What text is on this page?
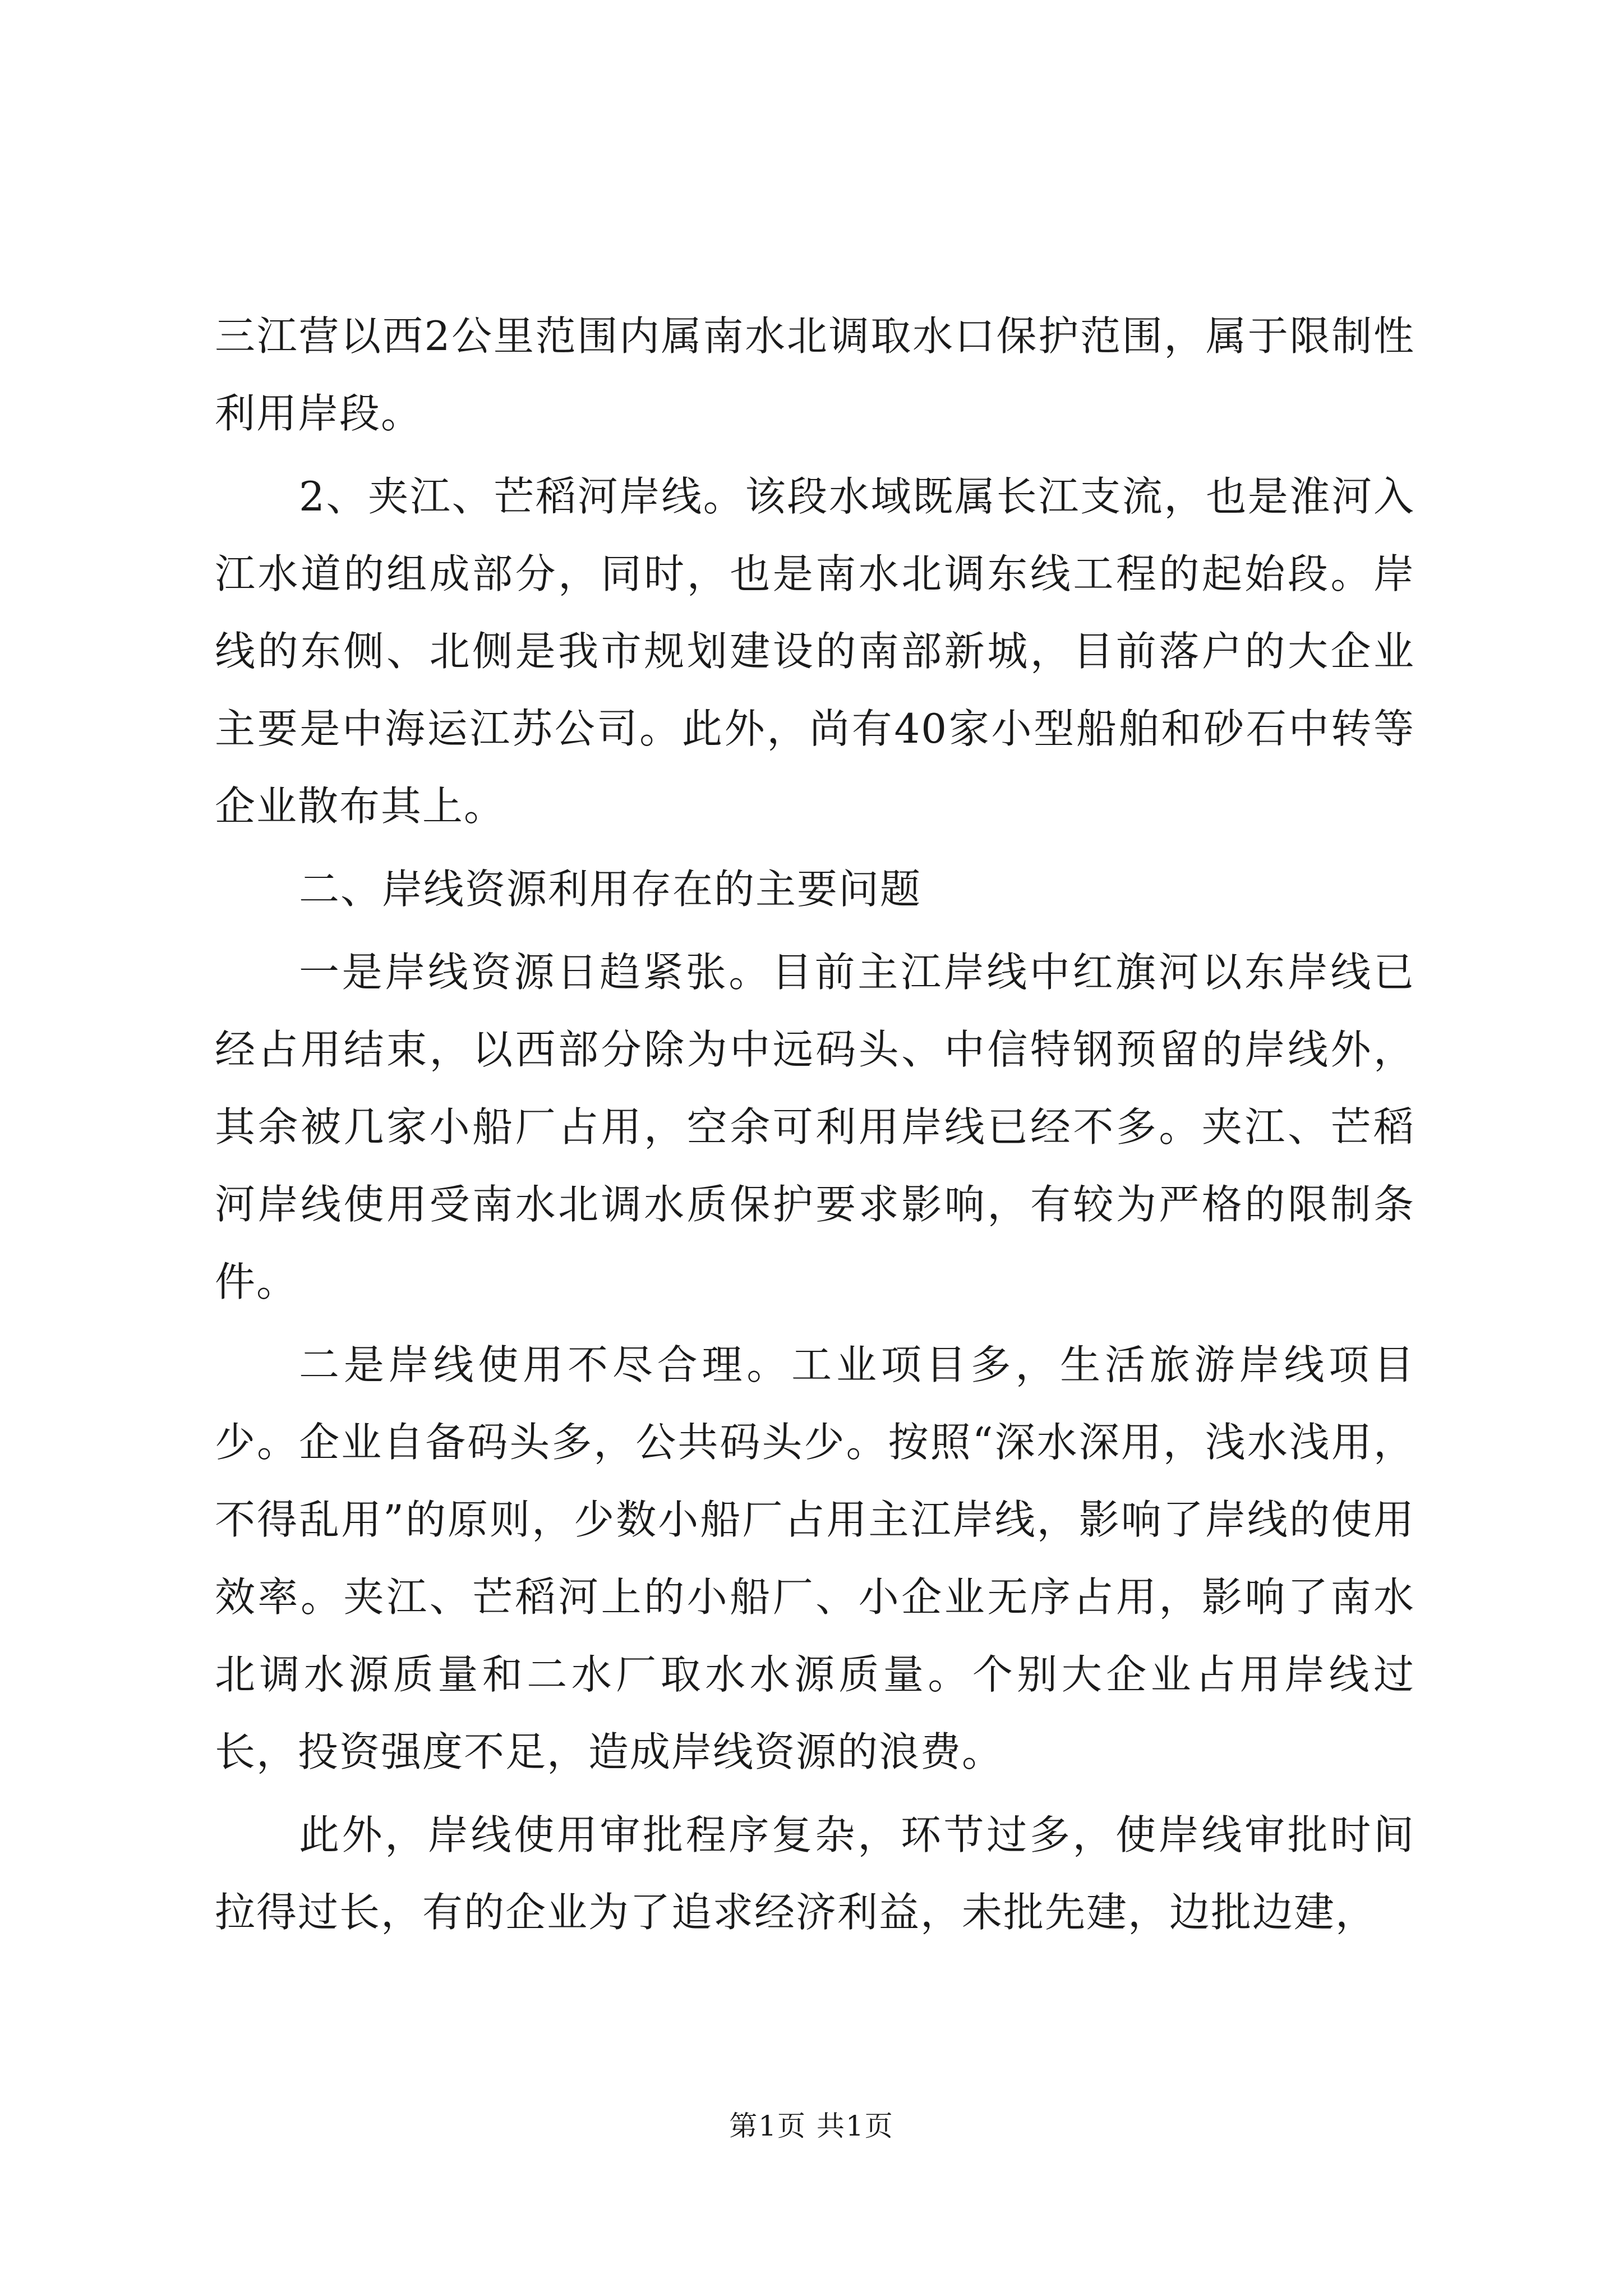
三江营以西2公里范围内属南水北调取水口保护范围，属于限制性利用岸段。

2、夹江、芒稻河岸线。该段水域既属长江支流，也是淮河入江水道的组成部分，同时，也是南水北调东线工程的起始段。岸线的东侧、北侧是我市规划建设的南部新城，目前落户的大企业主要是中海运江苏公司。此外，尚有40家小型船舶和砂石中转等企业散布其上。

二、岸线资源利用存在的主要问题

一是岸线资源日趋紧张。目前主江岸线中红旗河以东岸线已经占用结束，以西部分除为中远码头、中信特钢预留的岸线外，其余被几家小船厂占用，空余可利用岸线已经不多。夹江、芒稻河岸线使用受南水北调水质保护要求影响，有较为严格的限制条件。

二是岸线使用不尽合理。工业项目多，生活旅游岸线项目少。企业自备码头多，公共码头少。按照“深水深用，浅水浅用，不得乱用”的原则，少数小船厂占用主江岸线，影响了岸线的使用效率。夹江、芒稻河上的小船厂、小企业无序占用，影响了南水北调水源质量和二水厂取水水源质量。个别大企业占用岸线过长，投资强度不足，造成岸线资源的浪费。

此外，岸线使用审批程序复杂，环节过多，使岸线审批时间拉得过长，有的企业为了追求经济利益，未批先建，边批边建，

第1页 共1页
